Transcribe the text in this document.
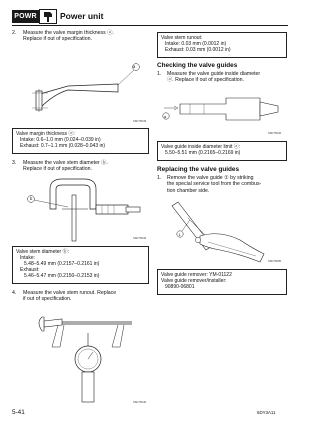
POWR	Power unit
2. Measure the valve margin thickness ⓐ.
Replace if out of specification.
a
S6D75035
Valve margin thickness ⓐ:
Intake: 0.6–1.0 mm (0.024–0.039 in)
Exhaust: 0.7–1.1 mm (0.028–0.043 in)
3. Measure the valve stem diameter ⓑ.
Replace if out of specification.
b
S6D75036
Valve stem diameter ⓑ:
Intake:
5.48–5.49 mm (0.2157–0.2161 in)
Exhaust:
5.46–5.47 mm (0.2150–0.2153 in)
4. Measure the valve stem runout. Replace
if out of specification.
S6D75040
Valve stem runout:
Intake: 0.03 mm (0.0012 in)
Exhaust: 0.03 mm (0.0012 in)
Checking the valve guides
1. Measure the valve guide inside diameter
ⓐ. Replace if out of specification.
a
S6D75040
Valve guide inside diameter limit ⓐ:
5.50–5.51 mm (0.2165–0.2169 in)
Replacing the valve guides
1. Remove the valve guide ① by striking
the special service tool from the combus-
tion chamber side.
1
S6D75080
Valve guide remover: YM-01122
Valve guide remover/installer:
90890-06801
5-41	6DY3A11
